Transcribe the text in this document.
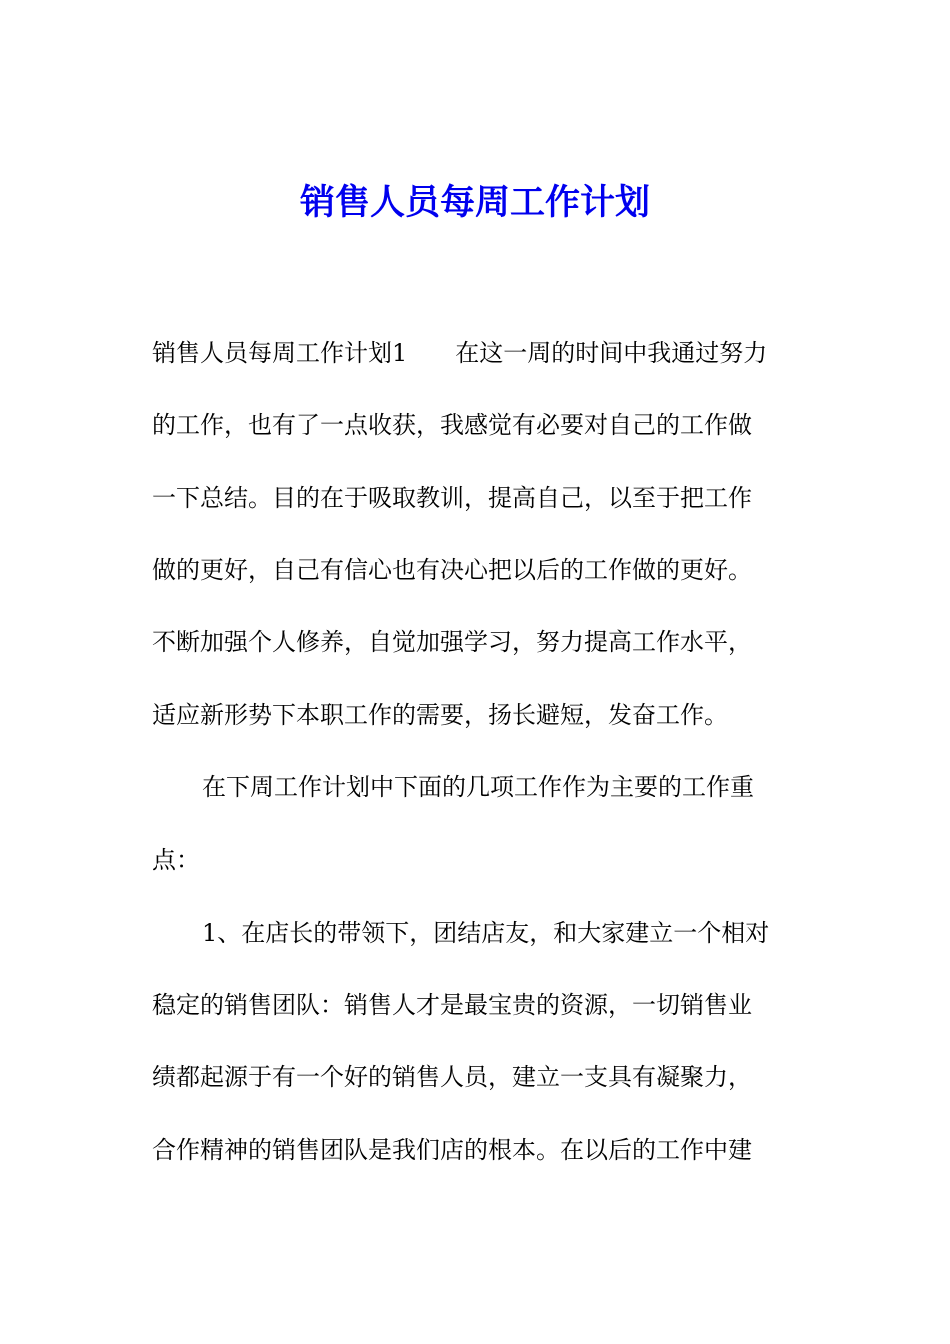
销售人员每周工作计划
销售人员每周工作计划1　　在这一周的时间中我通过努力
的工作，也有了一点收获，我感觉有必要对自己的工作做
一下总结。目的在于吸取教训，提高自己，以至于把工作
做的更好，自己有信心也有决心把以后的工作做的更好。
不断加强个人修养，自觉加强学习，努力提高工作水平，
适应新形势下本职工作的需要，扬长避短，发奋工作。
在下周工作计划中下面的几项工作作为主要的工作重
点：
1、在店长的带领下，团结店友，和大家建立一个相对
稳定的销售团队：销售人才是最宝贵的资源，一切销售业
绩都起源于有一个好的销售人员，建立一支具有凝聚力，
合作精神的销售团队是我们店的根本。在以后的工作中建
